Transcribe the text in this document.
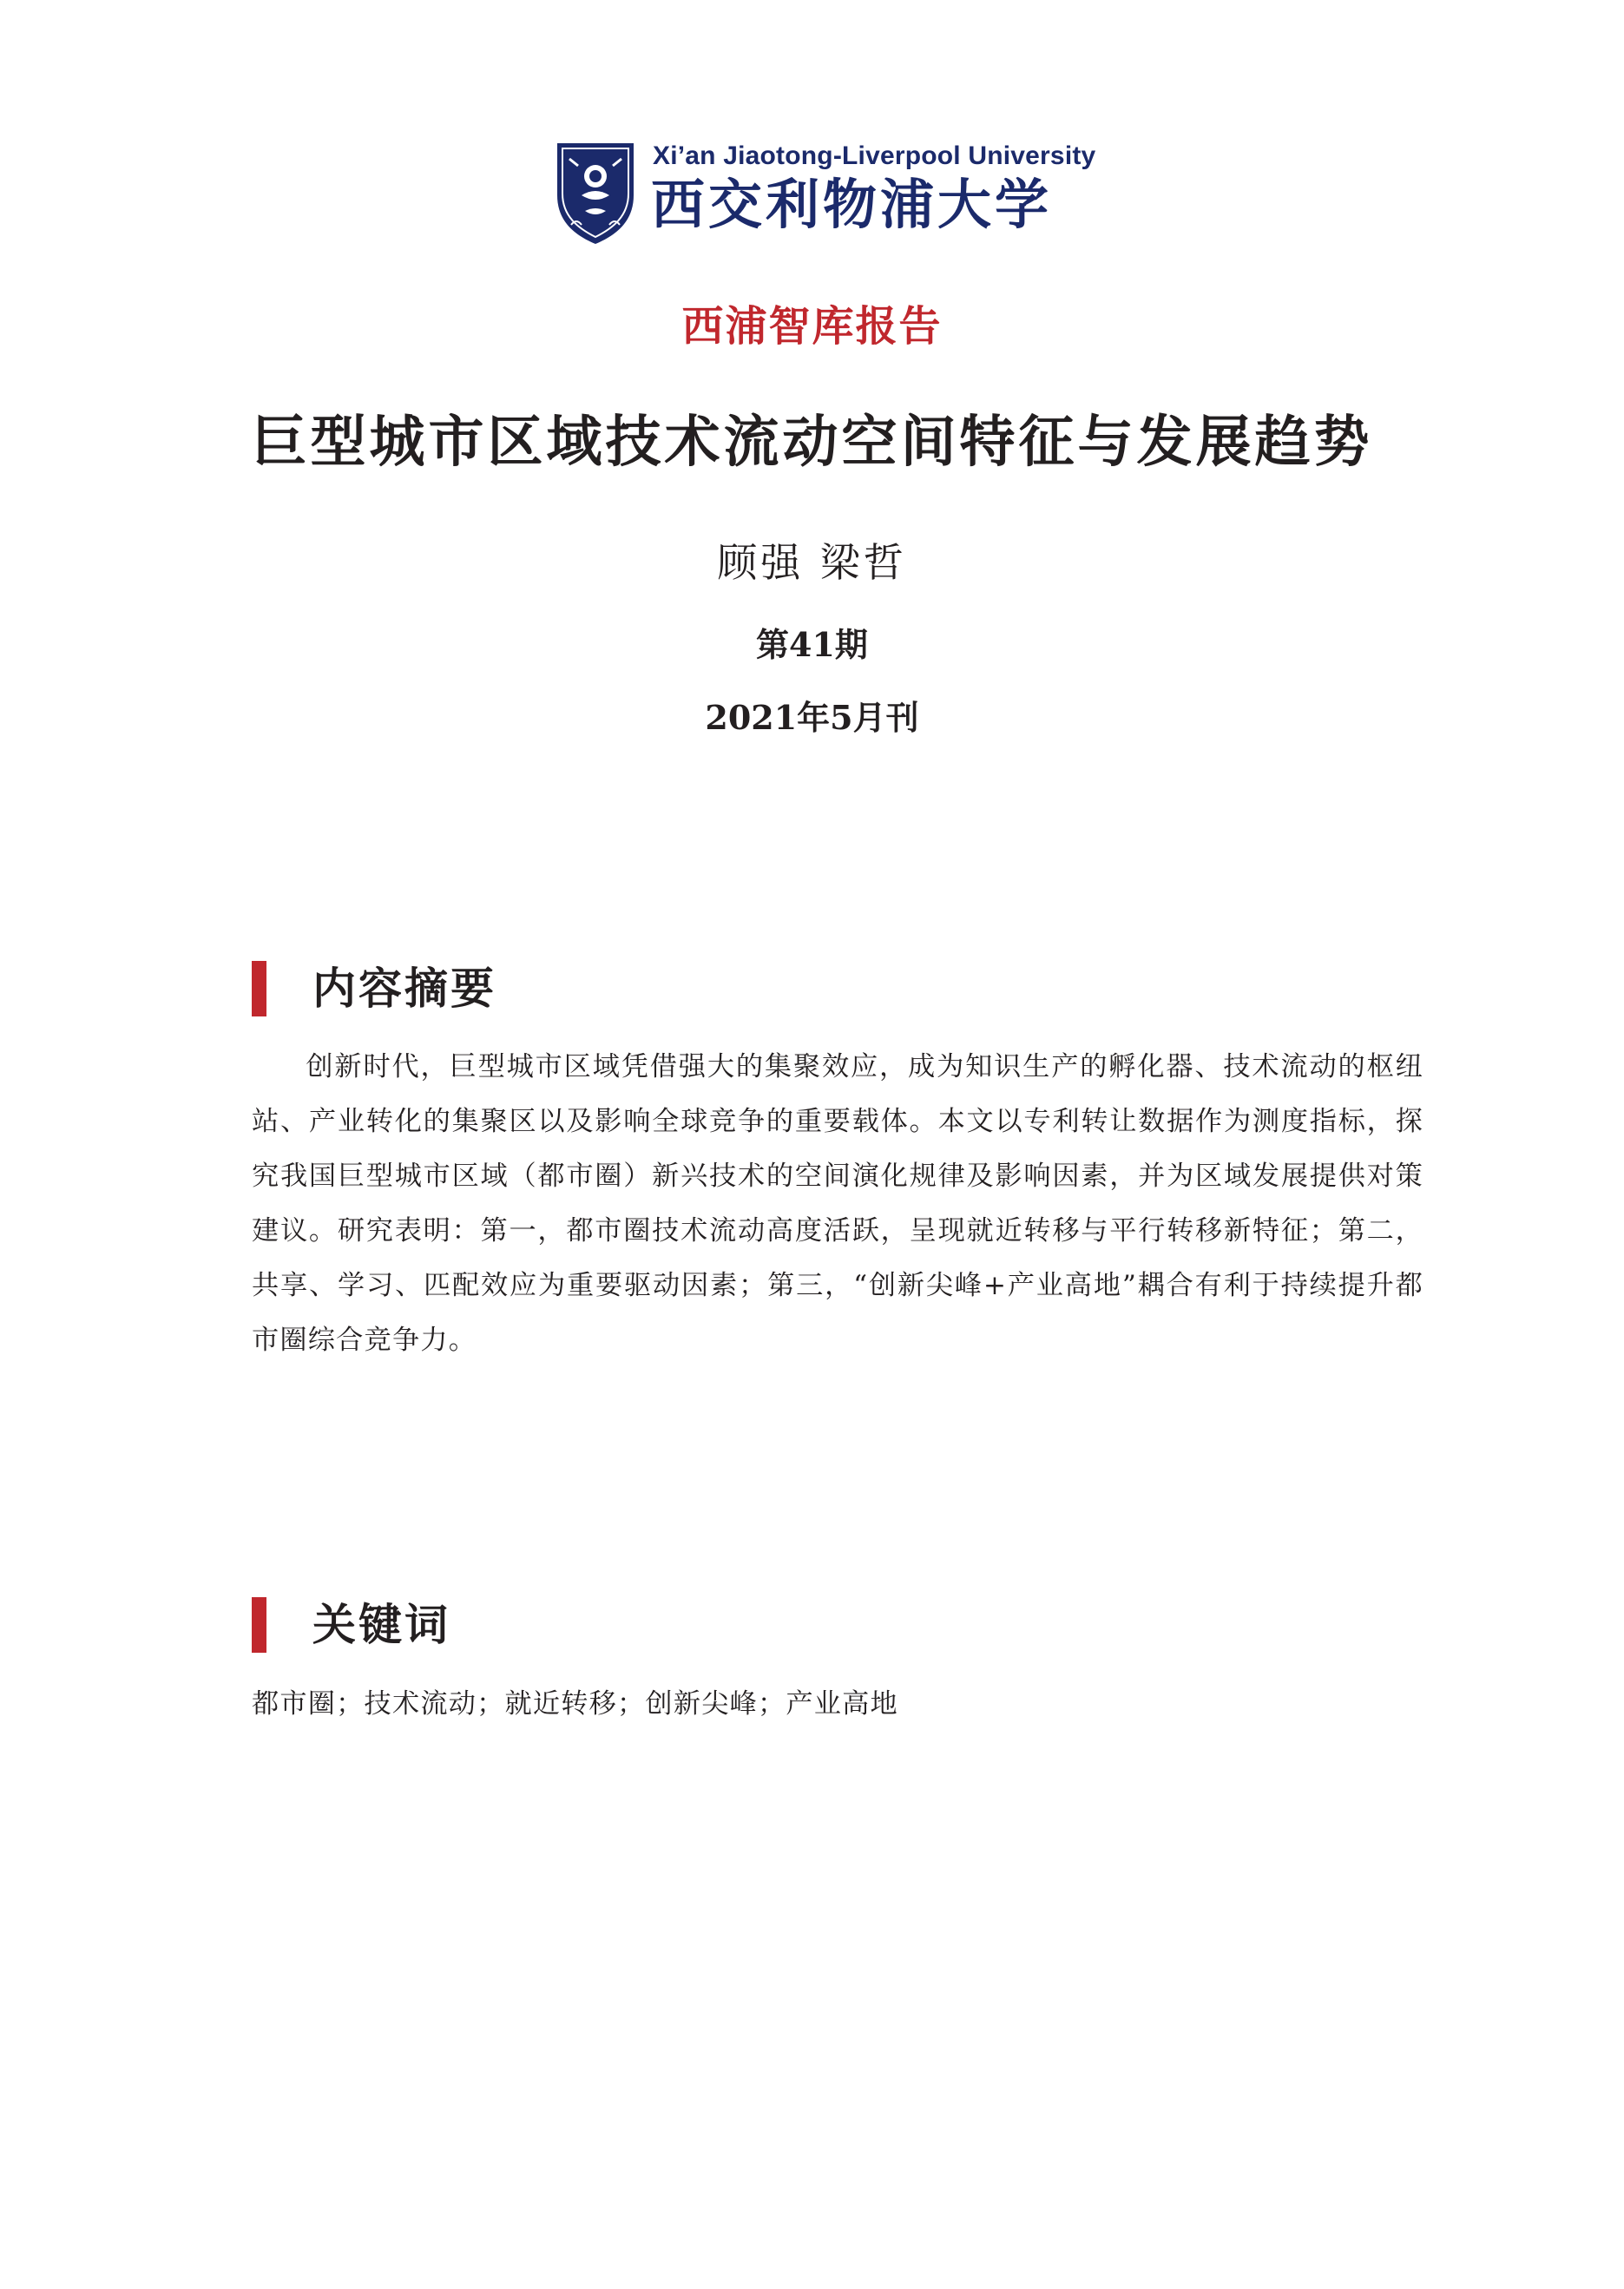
Xi’an Jiaotong-Liverpool University
西交利物浦大学
西浦智库报告
巨型城市区域技术流动空间特征与发展趋势
顾强 梁哲
第41期
2021年5月刊
内容摘要

创新时代，巨型城市区域凭借强大的集聚效应，成为知识生产的孵化器、技术流动的枢纽站、产业转化的集聚区以及影响全球竞争的重要载体。本文以专利转让数据作为测度指标，探究我国巨型城市区域（都市圈）新兴技术的空间演化规律及影响因素，并为区域发展提供对策建议。研究表明：第一，都市圈技术流动高度活跃，呈现就近转移与平行转移新特征；第二，共享、学习、匹配效应为重要驱动因素；第三，“创新尖峰+产业高地”耦合有利于持续提升都市圈综合竞争力。

关键词

都市圈；技术流动；就近转移；创新尖峰；产业高地
